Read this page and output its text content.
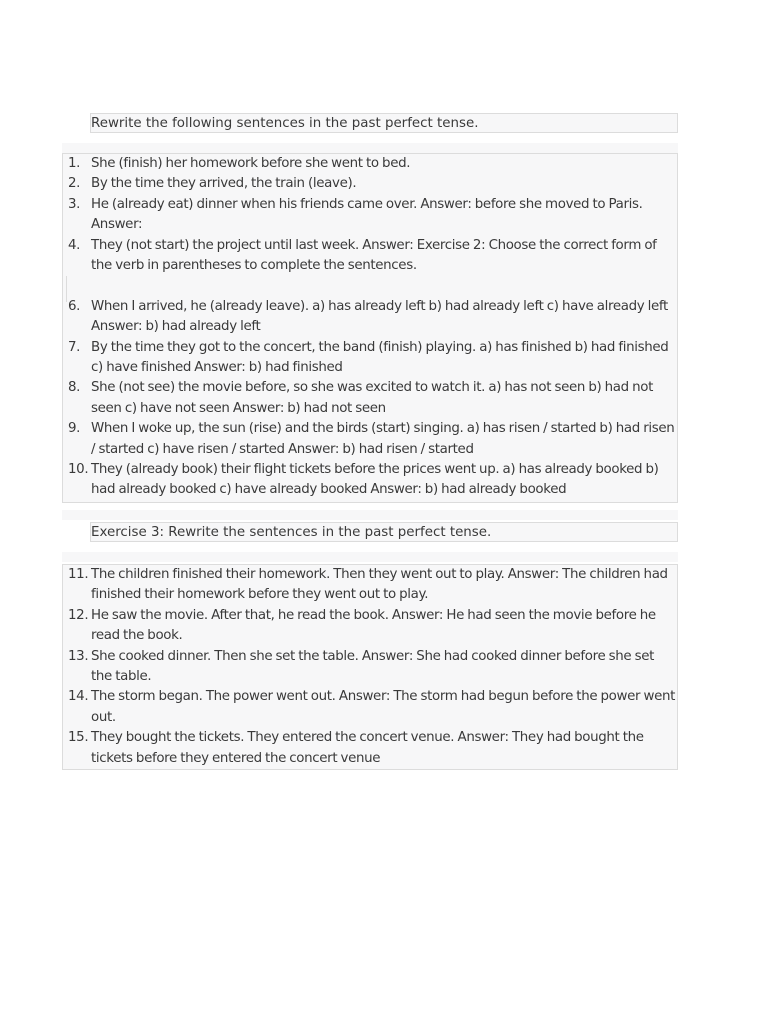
Rewrite the following sentences in the past perfect tense.
1. She (finish) her homework before she went to bed.
2. By the time they arrived, the train (leave).
3. He (already eat) dinner when his friends came over. Answer: before she moved to Paris. Answer:
4. They (not start) the project until last week. Answer: Exercise 2: Choose the correct form of the verb in parentheses to complete the sentences.
6. When I arrived, he (already leave). a) has already left b) had already left c) have already left Answer: b) had already left
7. By the time they got to the concert, the band (finish) playing. a) has finished b) had finished c) have finished Answer: b) had finished
8. She (not see) the movie before, so she was excited to watch it. a) has not seen b) had not seen c) have not seen Answer: b) had not seen
9. When I woke up, the sun (rise) and the birds (start) singing. a) has risen / started b) had risen / started c) have risen / started Answer: b) had risen / started
10. They (already book) their flight tickets before the prices went up. a) has already booked b) had already booked c) have already booked Answer: b) had already booked
Exercise 3: Rewrite the sentences in the past perfect tense.
11. The children finished their homework. Then they went out to play. Answer: The children had finished their homework before they went out to play.
12. He saw the movie. After that, he read the book. Answer: He had seen the movie before he read the book.
13. She cooked dinner. Then she set the table. Answer: She had cooked dinner before she set the table.
14. The storm began. The power went out. Answer: The storm had begun before the power went out.
15. They bought the tickets. They entered the concert venue. Answer: They had bought the tickets before they entered the concert venue
